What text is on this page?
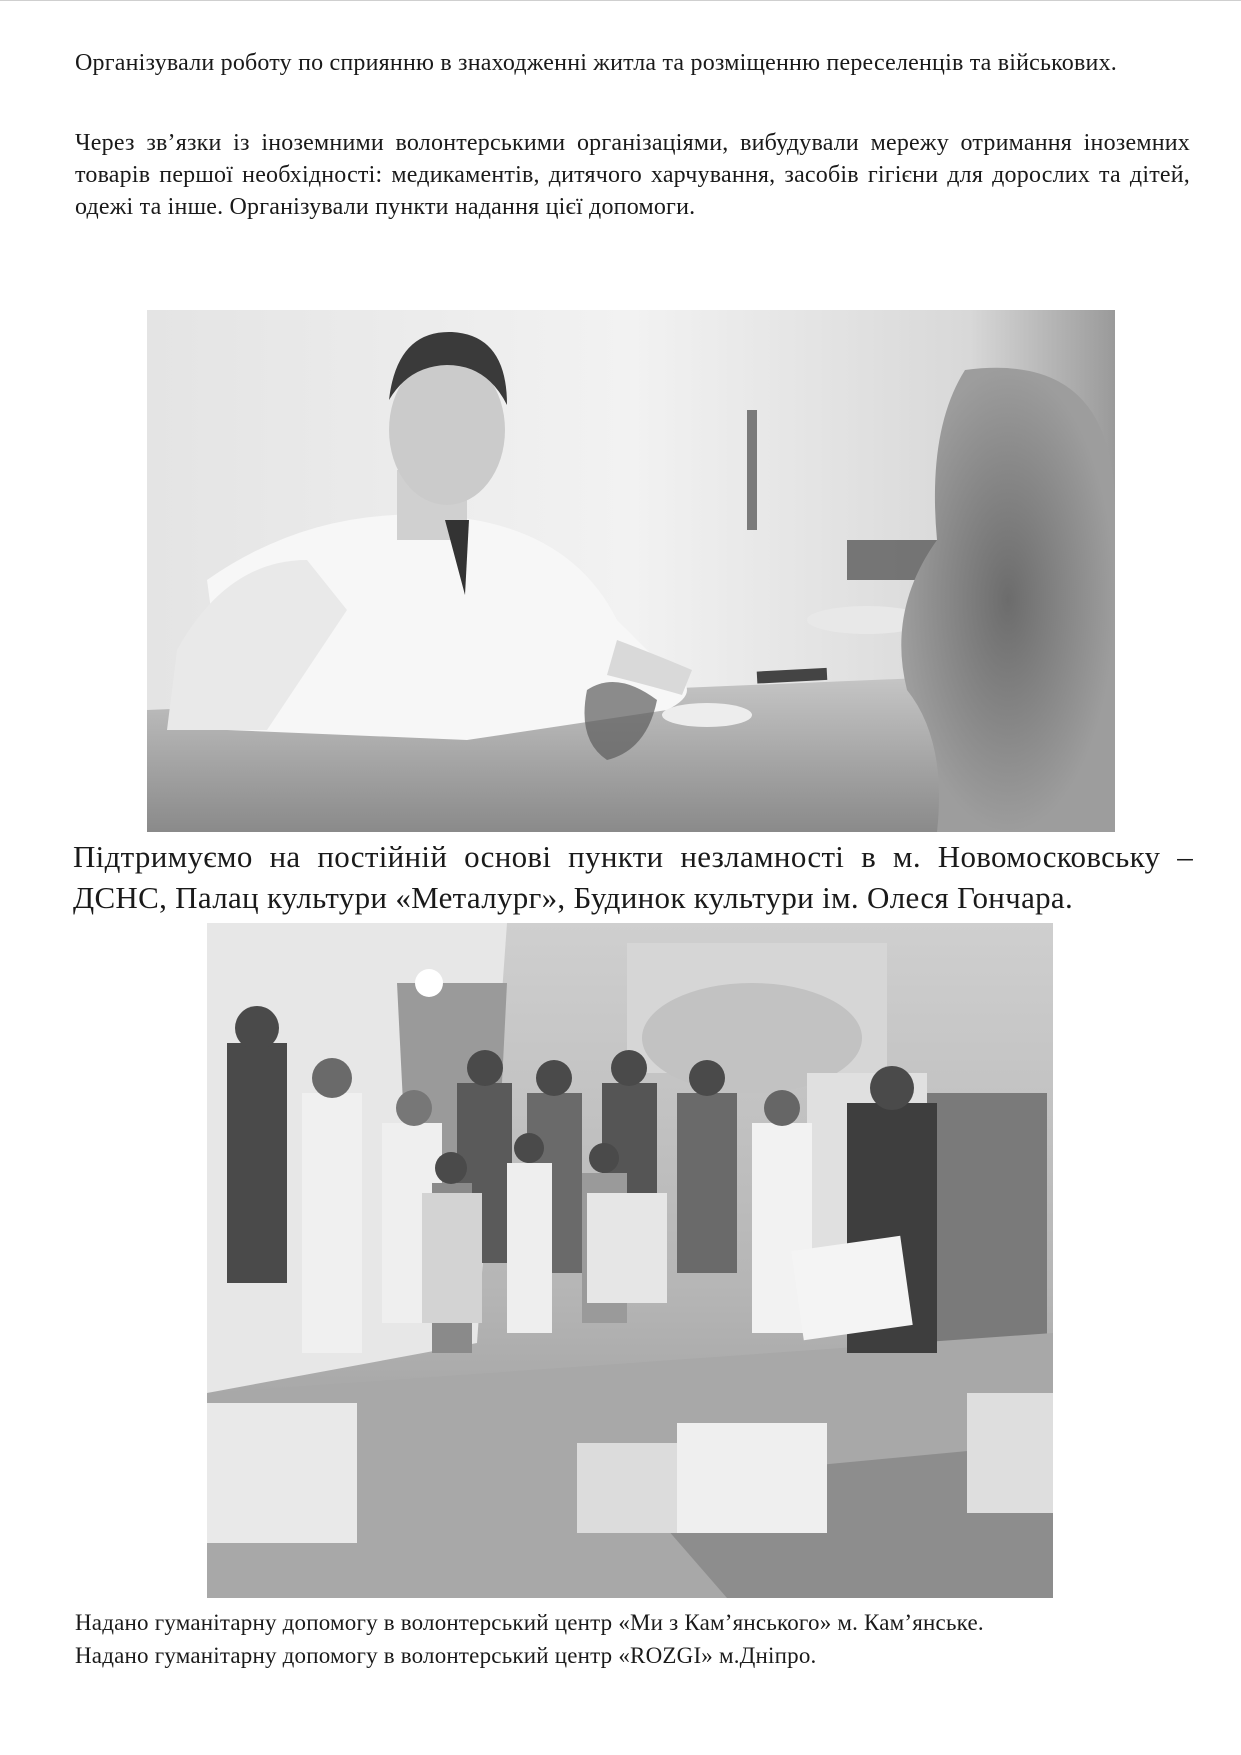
Організували роботу по сприянню в знаходженні житла та розміщенню переселенців та військових.

Через зв’язки із іноземними волонтерськими організаціями, вибудували мережу отримання іноземних товарів першої необхідності: медикаментів, дитячого харчування, засобів гігієни для дорослих та дітей, одежі та інше. Організували пункти надання цієї допомоги.

Підтримуємо на постійній основі пункти незламності в м. Новомосковську – ДСНС, Палац культури «Металург», Будинок культури ім. Олеся Гончара.

Надано гуманітарну допомогу в волонтерський центр «Ми з Кам’янського» м. Кам’янське.
Надано гуманітарну допомогу в волонтерський центр «ROZGI» м.Дніпро.
